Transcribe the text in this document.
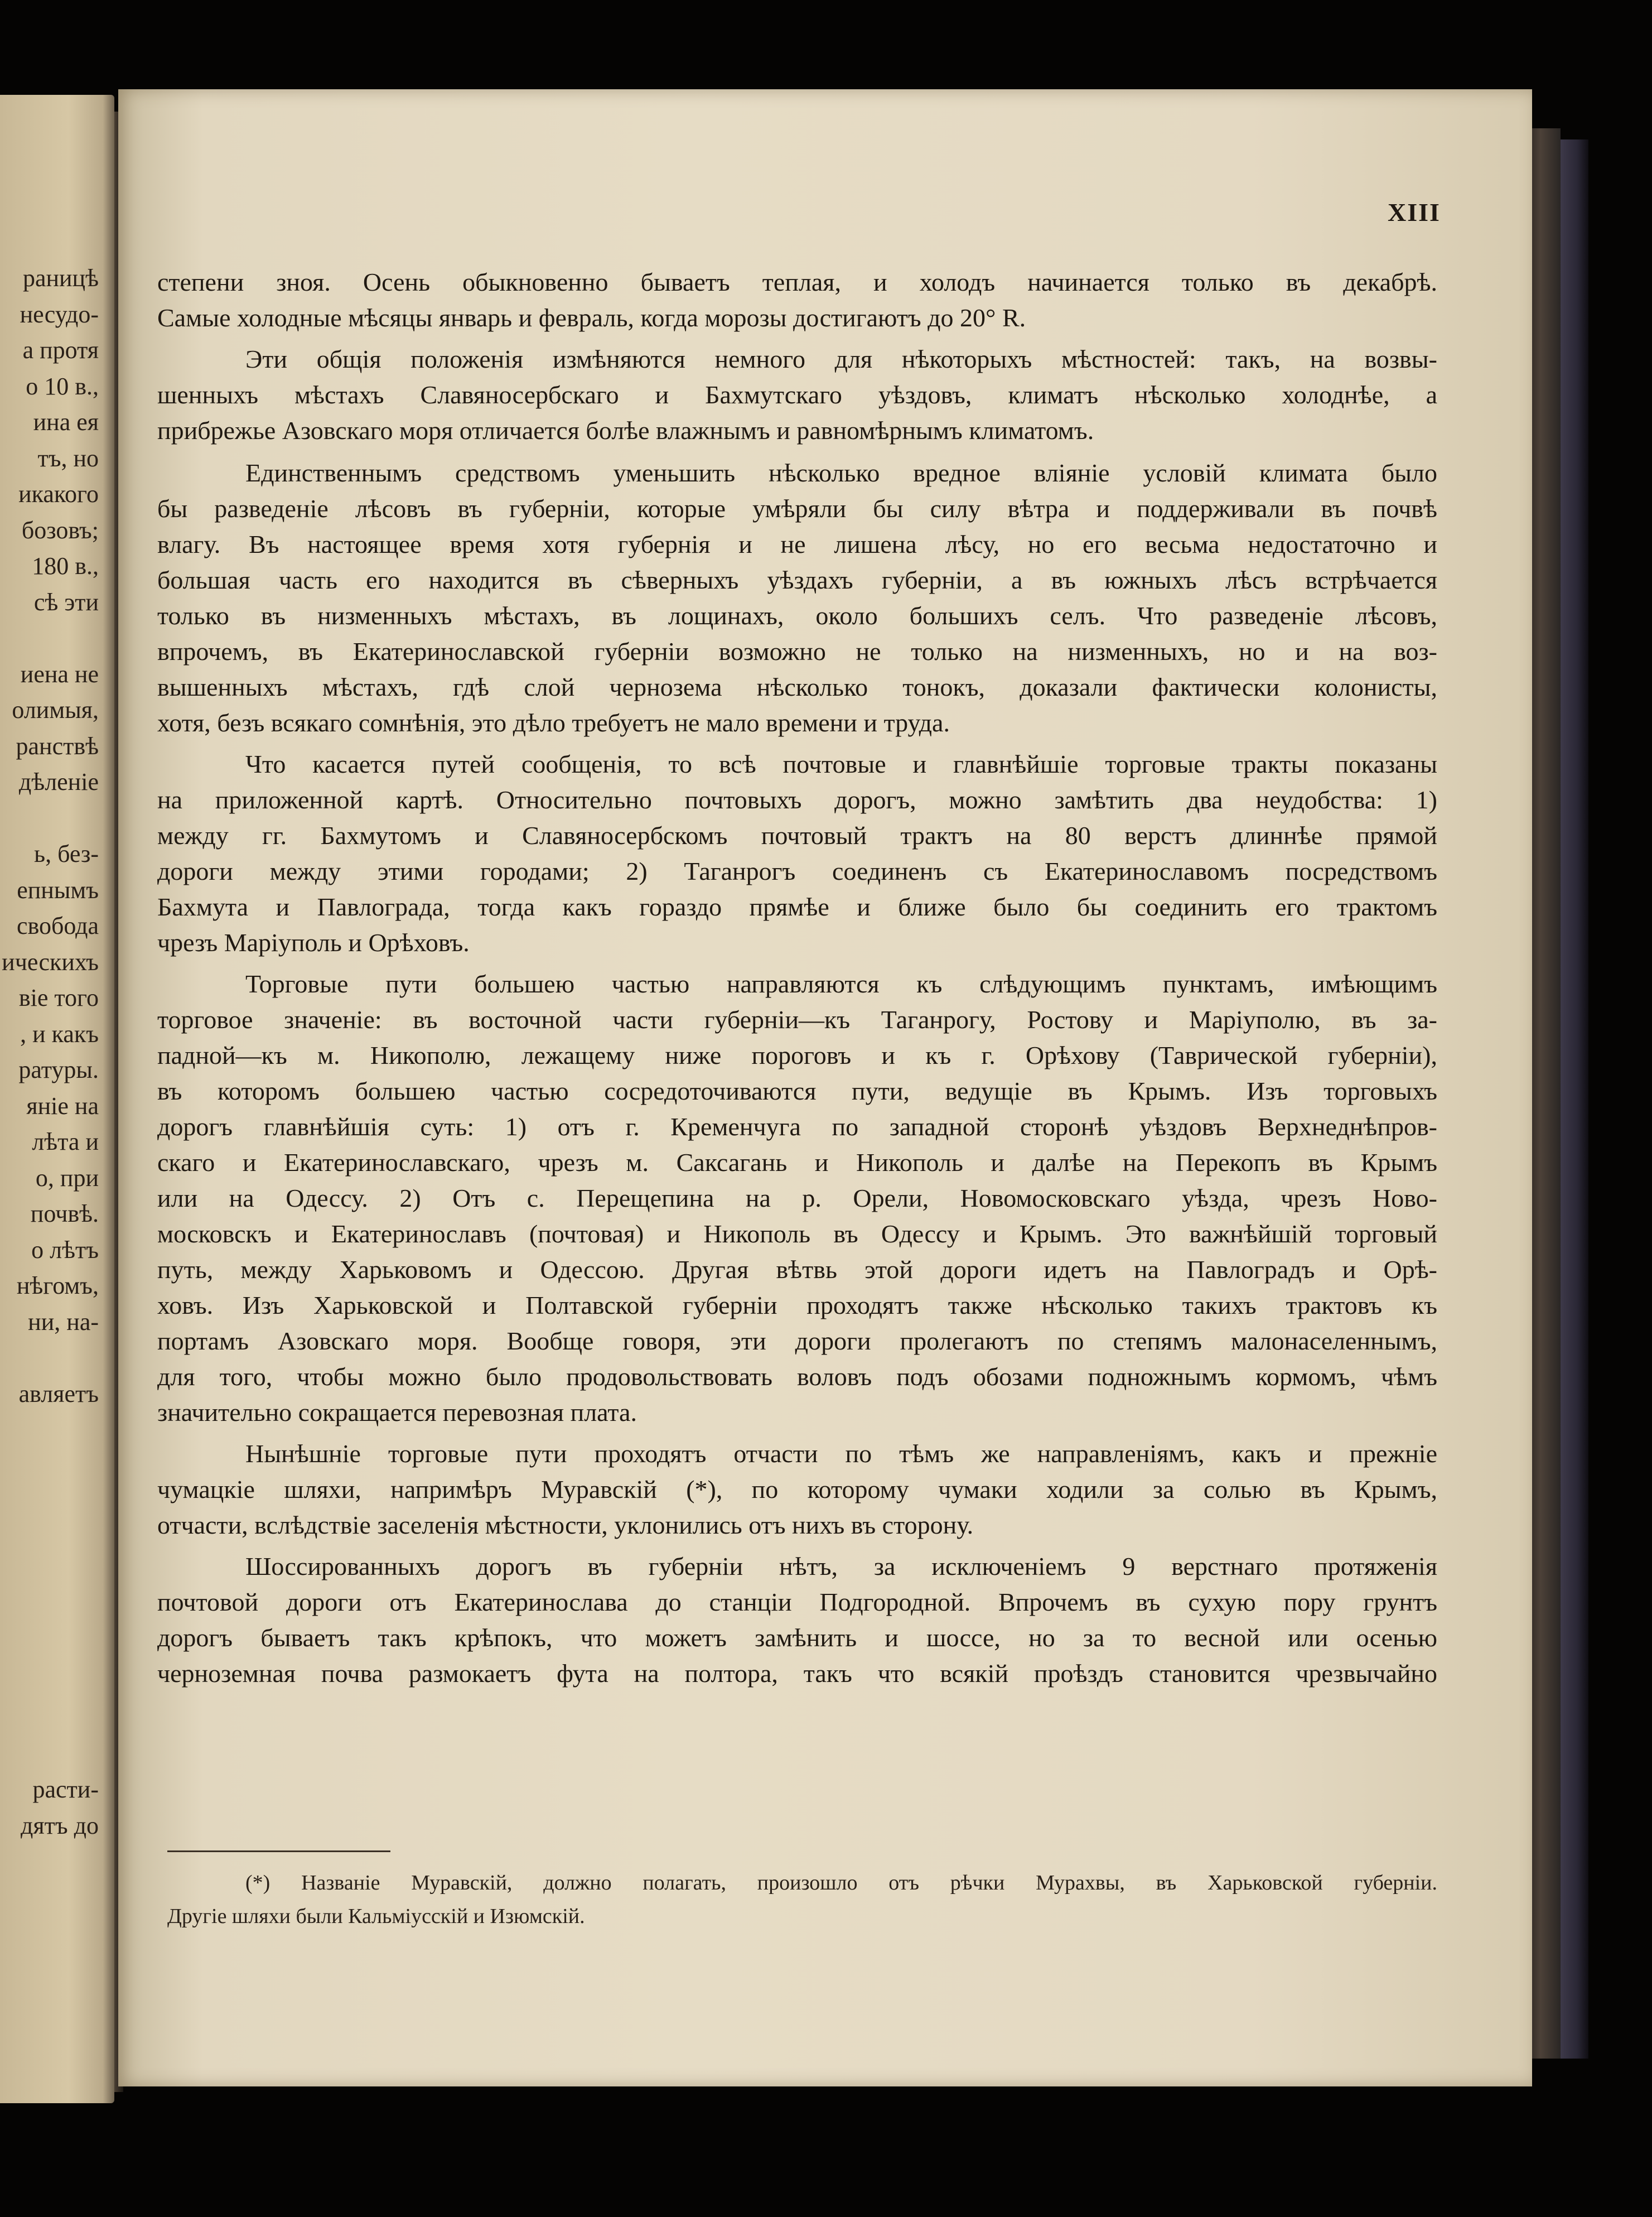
раницѣ
несудо-
а протя
о 10 в.,
ина ея
тъ, но
икакого
бозовъ;
180 в.,
сѣ эти
иена не
олимыя,
ранствѣ
дѣленіе
ь, без-
епнымъ
свобода
ическихъ
віе того
, и какъ
ратуры.
яніе на
лѣта и
о, при
почвѣ.
о лѣтъ
нѣгомъ,
ни, на-
авляетъ
расти-
дятъ до
XIII
степени зноя. Осень обыкновенно бываетъ теплая, и холодъ начинается только въ декабрѣ.
Самые холодные мѣсяцы январь и февраль, когда морозы достигаютъ до 20° R.
Эти общія положенія измѣняются немного для нѣкоторыхъ мѣстностей: такъ, на возвы-
шенныхъ мѣстахъ Славяносербскаго и Бахмутскаго уѣздовъ, климатъ нѣсколько холоднѣе, а
прибрежье Азовскаго моря отличается болѣе влажнымъ и равномѣрнымъ климатомъ.
Единственнымъ средствомъ уменьшить нѣсколько вредное вліяніе условій климата было
бы разведеніе лѣсовъ въ губерніи, которые умѣряли бы силу вѣтра и поддерживали въ почвѣ
влагу. Въ настоящее время хотя губернія и не лишена лѣсу, но его весьма недостаточно и
большая часть его находится въ сѣверныхъ уѣздахъ губерніи, а въ южныхъ лѣсъ встрѣчается
только въ низменныхъ мѣстахъ, въ лощинахъ, около большихъ селъ. Что разведеніе лѣсовъ,
впрочемъ, въ Екатеринославской губерніи возможно не только на низменныхъ, но и на воз-
вышенныхъ мѣстахъ, гдѣ слой чернозема нѣсколько тонокъ, доказали фактически колонисты,
хотя, безъ всякаго сомнѣнія, это дѣло требуетъ не мало времени и труда.
Что касается путей сообщенія, то всѣ почтовые и главнѣйшіе торговые тракты показаны
на приложенной картѣ. Относительно почтовыхъ дорогъ, можно замѣтить два неудобства: 1)
между гг. Бахмутомъ и Славяносербскомъ почтовый трактъ на 80 верстъ длиннѣе прямой
дороги между этими городами; 2) Таганрогъ соединенъ съ Екатеринославомъ посредствомъ
Бахмута и Павлограда, тогда какъ гораздо прямѣе и ближе было бы соединить его трактомъ
чрезъ Маріуполь и Орѣховъ.
Торговые пути большею частью направляются къ слѣдующимъ пунктамъ, имѣющимъ
торговое значеніе: въ восточной части губерніи—къ Таганрогу, Ростову и Маріуполю, въ за-
падной—къ м. Никополю, лежащему ниже пороговъ и къ г. Орѣхову (Таврической губерніи),
въ которомъ большею частью сосредоточиваются пути, ведущіе въ Крымъ. Изъ торговыхъ
дорогъ главнѣйшія суть: 1) отъ г. Кременчуга по западной сторонѣ уѣздовъ Верхнеднѣпров-
скаго и Екатеринославскаго, чрезъ м. Саксагань и Никополь и далѣе на Перекопъ въ Крымъ
или на Одессу. 2) Отъ с. Перещепина на р. Орели, Новомосковскаго уѣзда, чрезъ Ново-
московскъ и Екатеринославъ (почтовая) и Никополь въ Одессу и Крымъ. Это важнѣйшій торговый
путь, между Харьковомъ и Одессою. Другая вѣтвь этой дороги идетъ на Павлоградъ и Орѣ-
ховъ. Изъ Харьковской и Полтавской губерніи проходятъ также нѣсколько такихъ трактовъ къ
портамъ Азовскаго моря. Вообще говоря, эти дороги пролегаютъ по степямъ малонаселеннымъ,
для того, чтобы можно было продовольствовать воловъ подъ обозами подножнымъ кормомъ, чѣмъ
значительно сокращается перевозная плата.
Нынѣшніе торговые пути проходятъ отчасти по тѣмъ же направленіямъ, какъ и прежніе
чумацкіе шляхи, напримѣръ Муравскій (*), по которому чумаки ходили за солью въ Крымъ,
отчасти, вслѣдствіе заселенія мѣстности, уклонились отъ нихъ въ сторону.
Шоссированныхъ дорогъ въ губерніи нѣтъ, за исключеніемъ 9 верстнаго протяженія
почтовой дороги отъ Екатеринослава до станціи Подгородной. Впрочемъ въ сухую пору грунтъ
дорогъ бываетъ такъ крѣпокъ, что можетъ замѣнить и шоссе, но за то весной или осенью
черноземная почва размокаетъ фута на полтора, такъ что всякій проѣздъ становится чрезвычайно
(*) Названіе Муравскій, должно полагать, произошло отъ рѣчки Мурахвы, въ Харьковской губерніи.
Другіе шляхи были Кальміусскій и Изюмскій.
